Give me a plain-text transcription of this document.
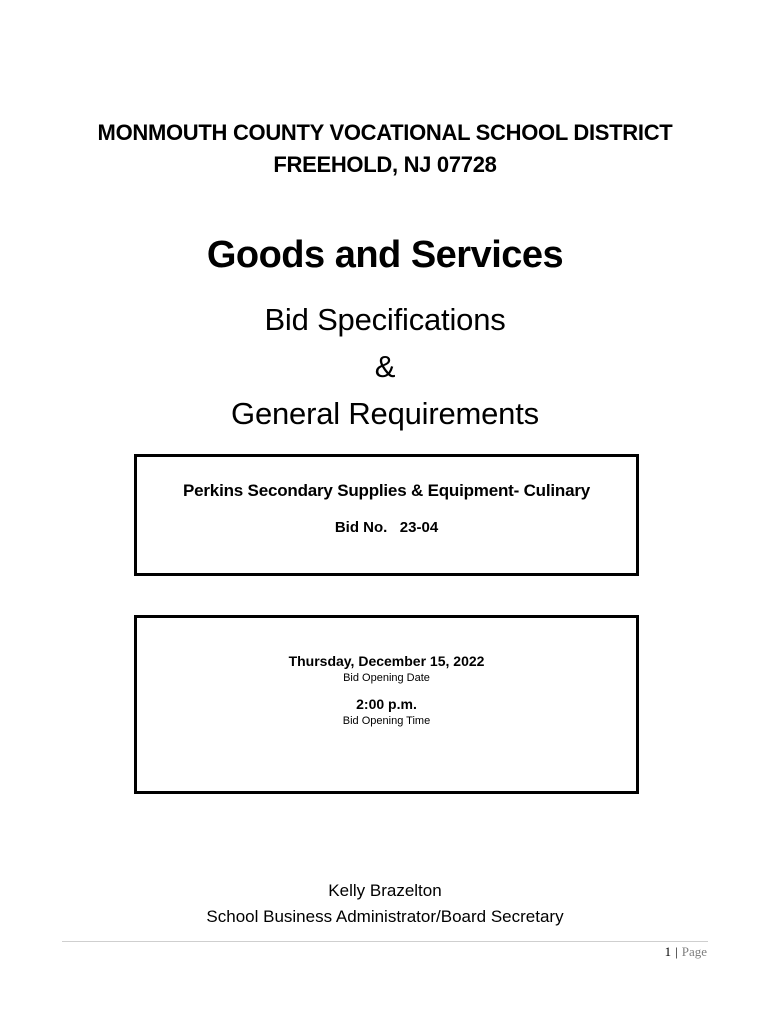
MONMOUTH COUNTY VOCATIONAL SCHOOL DISTRICT
FREEHOLD, NJ 07728
Goods and Services
Bid Specifications
&
General Requirements
Perkins Secondary Supplies & Equipment- Culinary
Bid No.   23-04
Thursday, December 15, 2022
Bid Opening Date
2:00 p.m.
Bid Opening Time
Kelly Brazelton
School Business Administrator/Board Secretary
1 | Page
